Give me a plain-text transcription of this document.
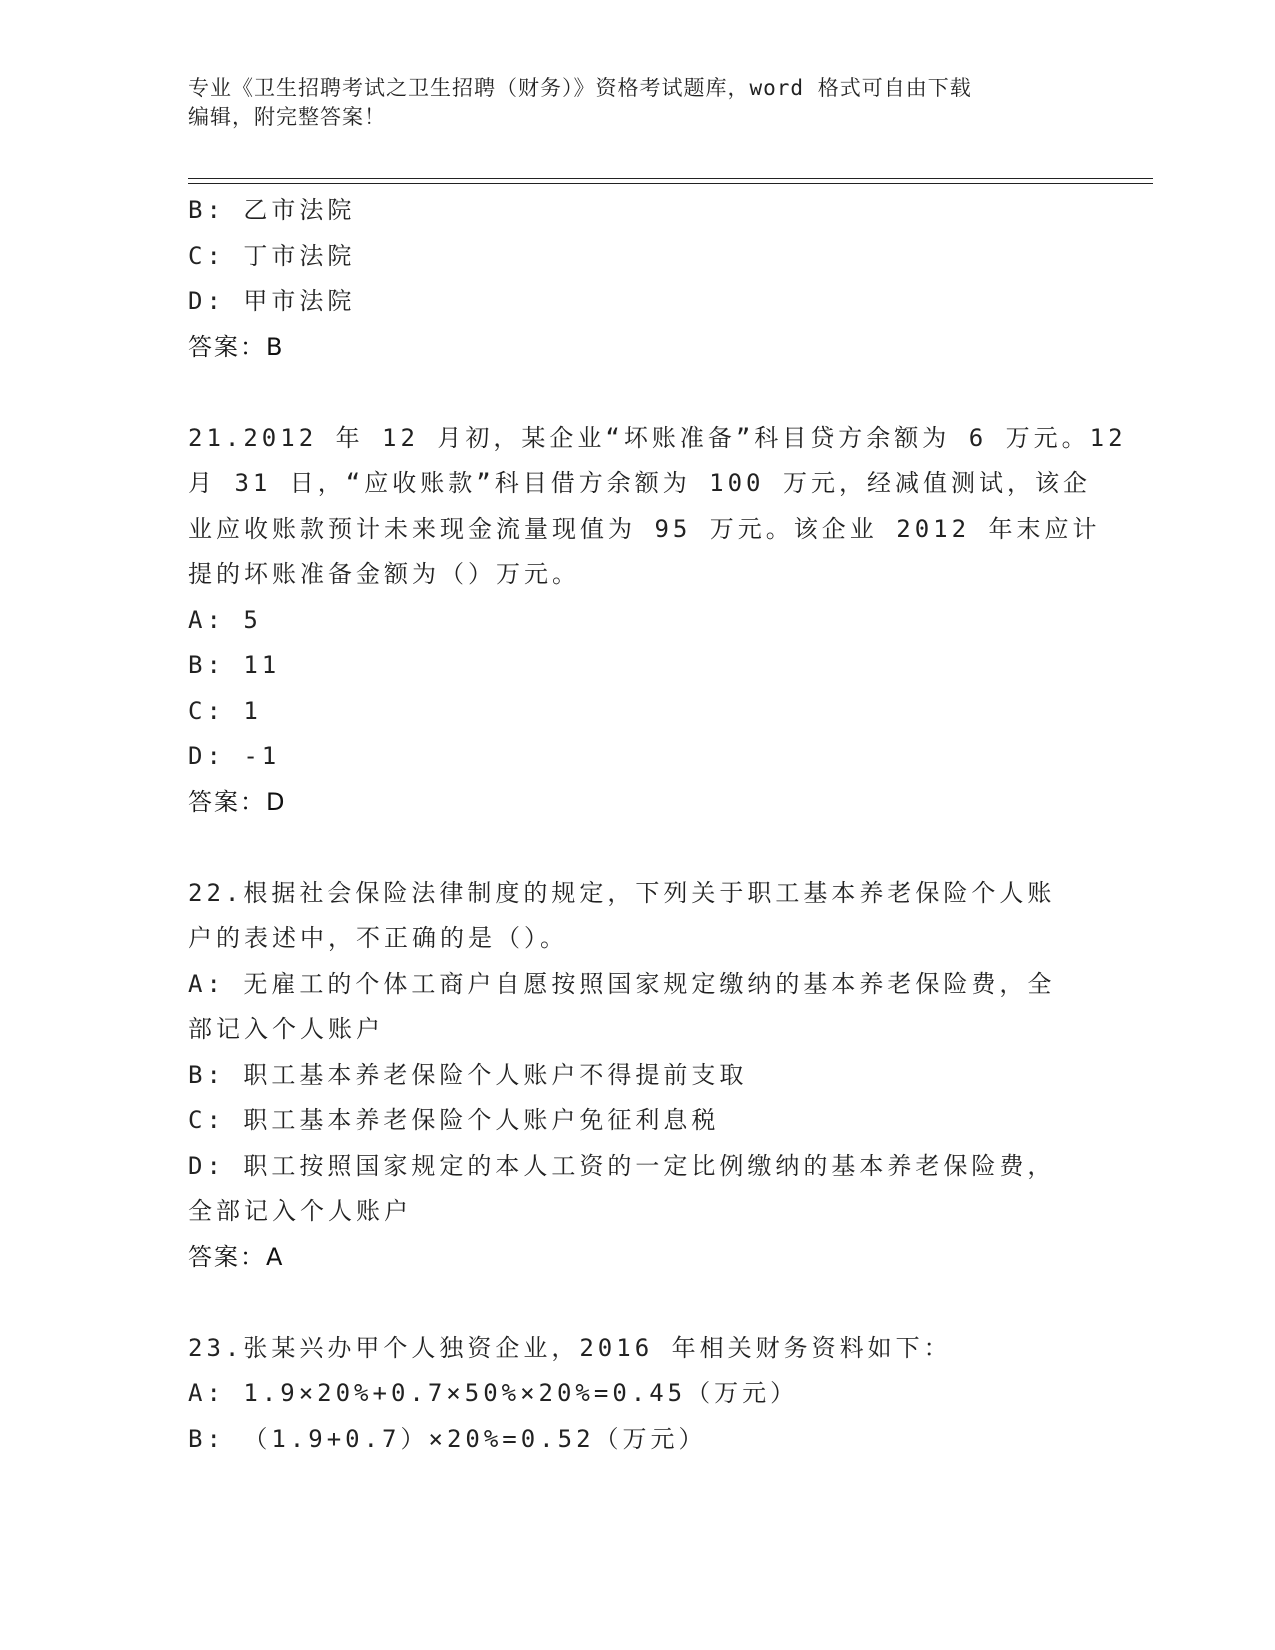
专业《卫生招聘考试之卫生招聘（财务）》资格考试题库，word 格式可自由下载
编辑，附完整答案！
B: 乙市法院
C: 丁市法院
D: 甲市法院
答案：B
21.2012 年 12 月初，某企业“坏账准备”科目贷方余额为 6 万元。12
月 31 日，“应收账款”科目借方余额为 100 万元，经减值测试，该企
业应收账款预计未来现金流量现值为 95 万元。该企业 2012 年末应计
提的坏账准备金额为（）万元。
A: 5
B: 11
C: 1
D: -1
答案：D
22.根据社会保险法律制度的规定，下列关于职工基本养老保险个人账
户的表述中，不正确的是（）。
A: 无雇工的个体工商户自愿按照国家规定缴纳的基本养老保险费，全
部记入个人账户
B: 职工基本养老保险个人账户不得提前支取
C: 职工基本养老保险个人账户免征利息税
D: 职工按照国家规定的本人工资的一定比例缴纳的基本养老保险费，
全部记入个人账户
答案：A
23.张某兴办甲个人独资企业，2016 年相关财务资料如下：
A: 1.9×20%+0.7×50%×20%=0.45（万元）
B: （1.9+0.7）×20%=0.52（万元）
